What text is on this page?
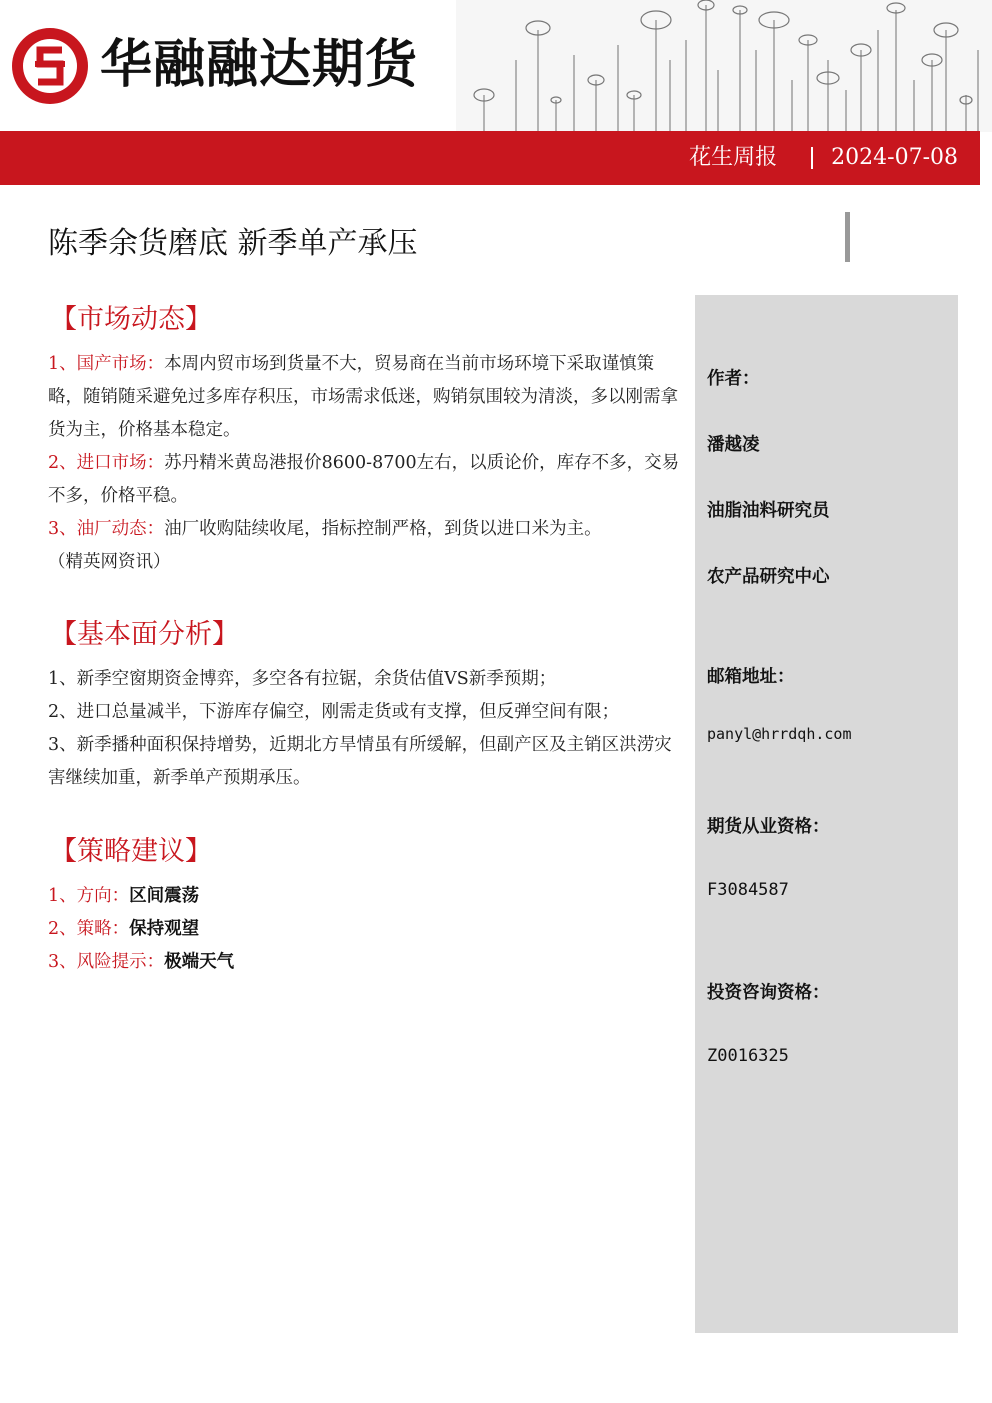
华融融达期货
花生周报 2024-07-08
陈季余货磨底 新季单产承压
【市场动态】

1、国产市场：本周内贸市场到货量不大，贸易商在当前市场环境下采取谨慎策略，随销随采避免过多库存积压，市场需求低迷，购销氛围较为清淡，多以刚需拿货为主，价格基本稳定。

2、进口市场：苏丹精米黄岛港报价8600-8700左右，以质论价，库存不多，交易不多，价格平稳。

3、油厂动态：油厂收购陆续收尾，指标控制严格，到货以进口米为主。

（精英网资讯）

【基本面分析】

1、新季空窗期资金博弈，多空各有拉锯，余货估值VS新季预期；

2、进口总量减半，下游库存偏空，刚需走货或有支撑，但反弹空间有限；

3、新季播种面积保持增势，近期北方旱情虽有所缓解，但副产区及主销区洪涝灾害继续加重，新季单产预期承压。

【策略建议】

1、方向：区间震荡

2、策略：保持观望

3、风险提示：极端天气

作者：
潘越凌
油脂油料研究员
农产品研究中心
邮箱地址：
panyl@hrrdqh.com
期货从业资格：
F3084587
投资咨询资格：
Z0016325
